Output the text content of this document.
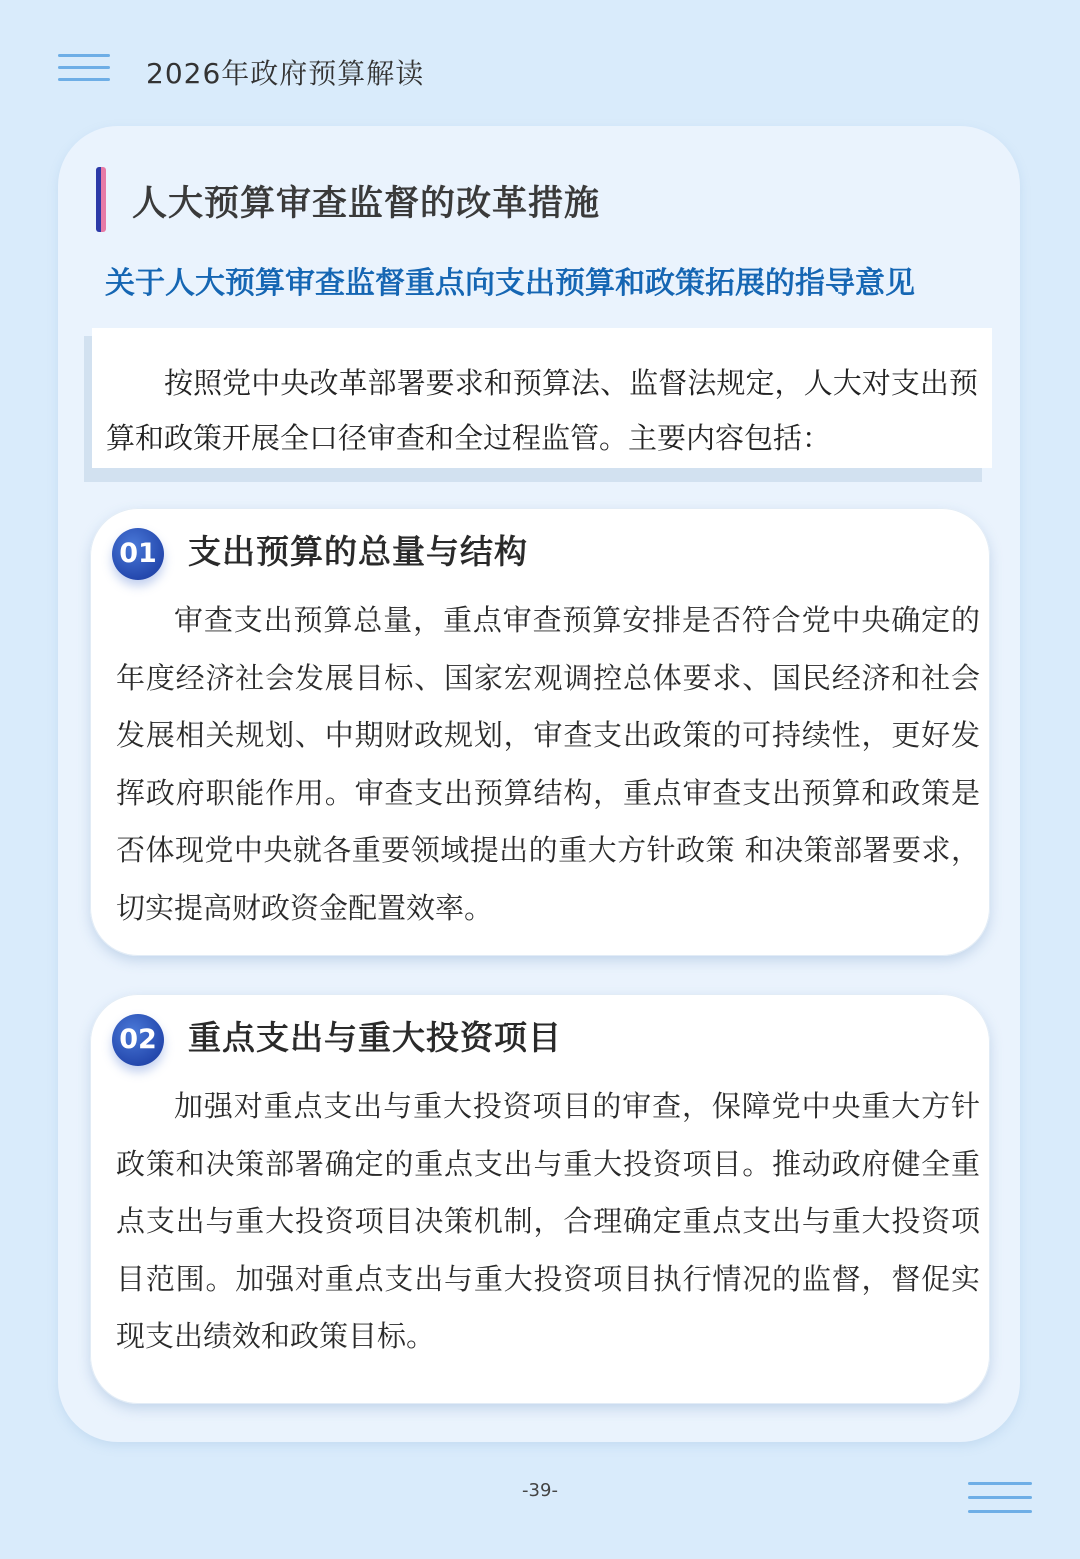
2026年政府预算解读
人大预算审查监督的改革措施
关于人大预算审查监督重点向支出预算和政策拓展的指导意见
按照党中央改革部署要求和预算法、监督法规定，人大对支出预算和政策开展全口径审查和全过程监管。主要内容包括：
01 支出预算的总量与结构
审查支出预算总量，重点审查预算安排是否符合党中央确定的年度经济社会发展目标、国家宏观调控总体要求、国民经济和社会发展相关规划、中期财政规划，审查支出政策的可持续性，更好发挥政府职能作用。审查支出预算结构，重点审查支出预算和政策是否体现党中央就各重要领域提出的重大方针政策 和决策部署要求，切实提高财政资金配置效率。
02 重点支出与重大投资项目
加强对重点支出与重大投资项目的审查，保障党中央重大方针政策和决策部署确定的重点支出与重大投资项目。推动政府健全重点支出与重大投资项目决策机制，合理确定重点支出与重大投资项目范围。加强对重点支出与重大投资项目执行情况的监督，督促实现支出绩效和政策目标。
-39-
